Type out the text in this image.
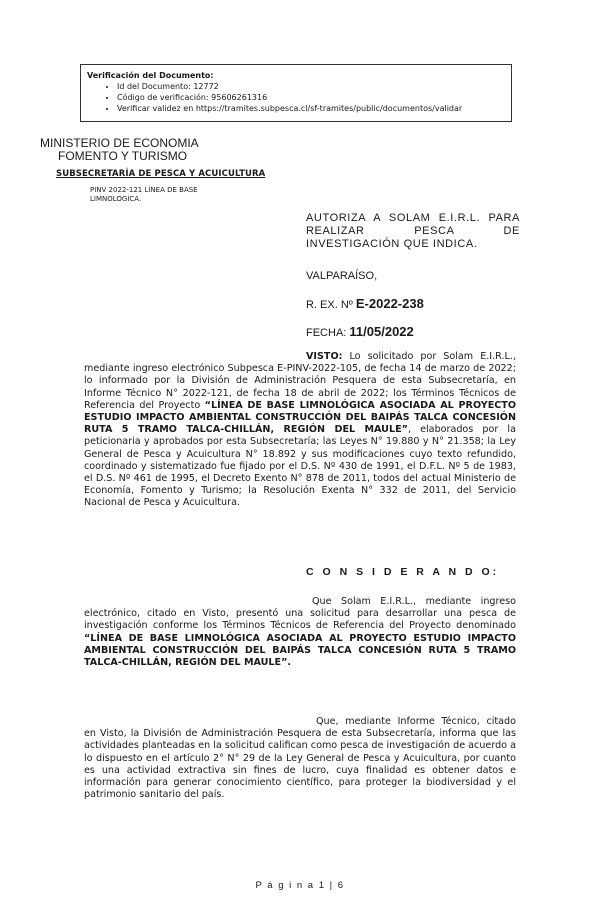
Verificación del Documento:
• Id del Documento: 12772
• Código de verificación: 95606261316
• Verificar validez en https://tramites.subpesca.cl/sf-tramites/public/documentos/validar
MINISTERIO DE ECONOMIA
FOMENTO Y TURISMO
SUBSECRETARÍA DE PESCA Y ACUICULTURA
PINV 2022-121 LÍNEA DE BASE LIMNOLOGICA.
AUTORIZA A SOLAM E.I.R.L. PARA REALIZAR PESCA DE INVESTIGACIÓN QUE INDICA.
VALPARAÍSO,
R. EX. Nº E-2022-238
FECHA: 11/05/2022
VISTO: Lo solicitado por Solam E.I.R.L., mediante ingreso electrónico Subpesca E-PINV-2022-105, de fecha 14 de marzo de 2022; lo informado por la División de Administración Pesquera de esta Subsecretaría, en Informe Técnico N° 2022-121, de fecha 18 de abril de 2022; los Términos Técnicos de Referencia del Proyecto “LÍNEA DE BASE LIMNOLÓGICA ASOCIADA AL PROYECTO ESTUDIO IMPACTO AMBIENTAL CONSTRUCCIÓN DEL BAIPÁS TALCA CONCESIÓN RUTA 5 TRAMO TALCA-CHILLÁN, REGIÓN DEL MAULE”, elaborados por la peticionaria y aprobados por esta Subsecretaría; las Leyes N° 19.880 y N° 21.358; la Ley General de Pesca y Acuicultura N° 18.892 y sus modificaciones cuyo texto refundido, coordinado y sistematizado fue fijado por el D.S. Nº 430 de 1991, el D.F.L. Nº 5 de 1983, el D.S. Nº 461 de 1995, el Decreto Exento N° 878 de 2011, todos del actual Ministerio de Economía, Fomento y Turismo; la Resolución Exenta N° 332 de 2011, del Servicio Nacional de Pesca y Acuicultura.
C O N S I D E R A N D O:
Que Solam E.I.R.L., mediante ingreso electrónico, citado en Visto, presentó una solicitud para desarrollar una pesca de investigación conforme los Términos Técnicos de Referencia del Proyecto denominado “LÍNEA DE BASE LIMNOLÓGICA ASOCIADA AL PROYECTO ESTUDIO IMPACTO AMBIENTAL CONSTRUCCIÓN DEL BAIPÁS TALCA CONCESIÓN RUTA 5 TRAMO TALCA-CHILLÁN, REGIÓN DEL MAULE”.
Que, mediante Informe Técnico, citado en Visto, la División de Administración Pesquera de esta Subsecretaría, informa que las actividades planteadas en la solicitud califican como pesca de investigación de acuerdo a lo dispuesto en el artículo 2° N° 29 de la Ley General de Pesca y Acuicultura, por cuanto es una actividad extractiva sin fines de lucro, cuya finalidad es obtener datos e información para generar conocimiento científico, para proteger la biodiversidad y el patrimonio sanitario del país.
P á g i n a 1 | 6
